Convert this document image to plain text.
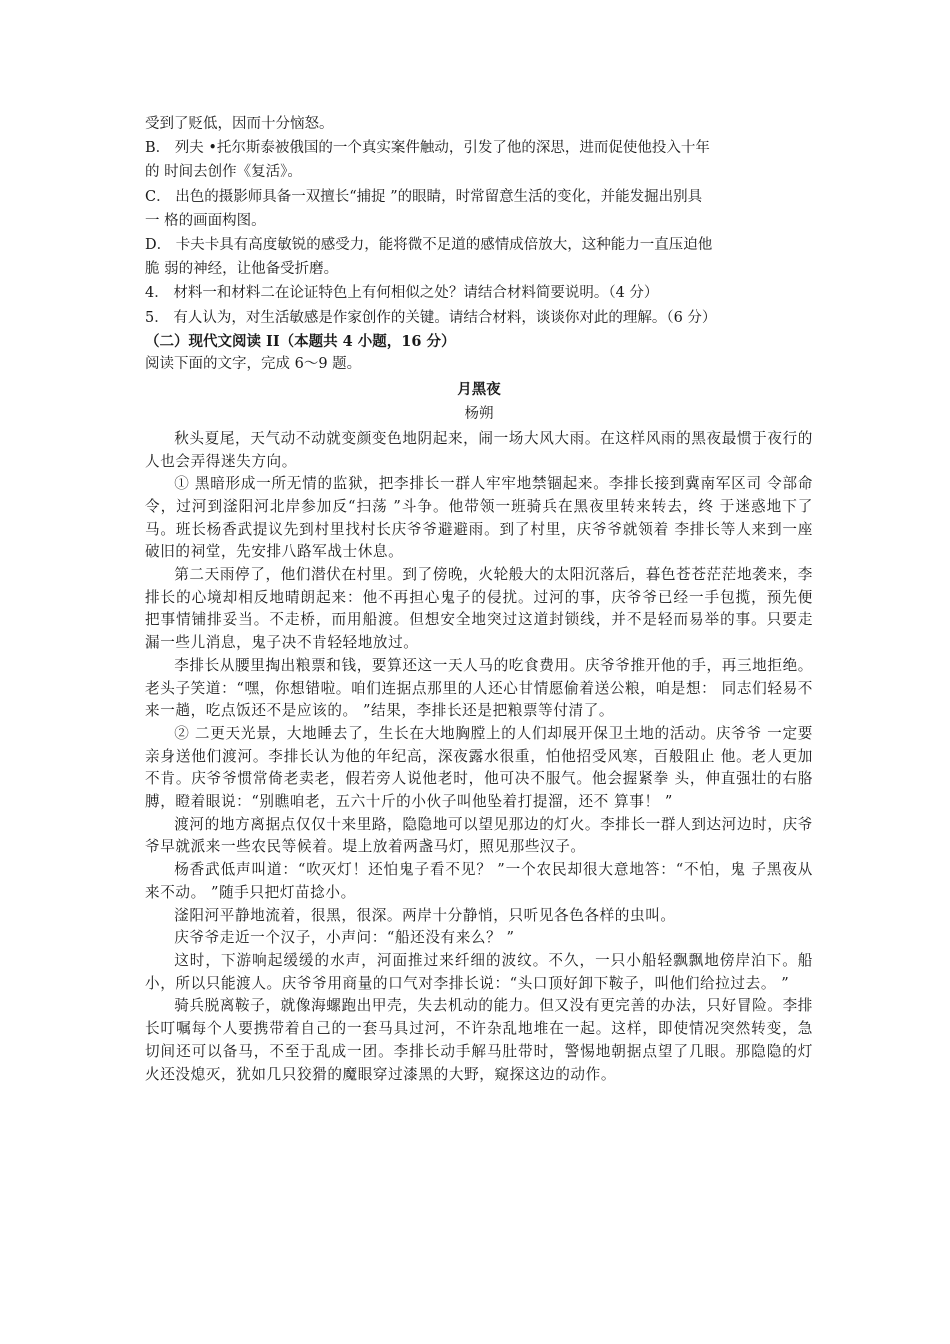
受到了贬低，因而十分恼怒。

B． 列夫 •托尔斯泰被俄国的一个真实案件触动，引发了他的深思，进而促使他投入十年

的 时间去创作《复活》。

C． 出色的摄影师具备一双擅长“捕捉 ”的眼睛，时常留意生活的变化，并能发掘出别具

一 格的画面构图。

D． 卡夫卡具有高度敏锐的感受力，能将微不足道的感情成倍放大，这种能力一直压迫他

脆 弱的神经，让他备受折磨。

4． 材料一和材料二在论证特色上有何相似之处？请结合材料简要说明。（4 分）

5． 有人认为，对生活敏感是作家创作的关键。请结合材料，谈谈你对此的理解。（6 分）

（二）现代文阅读 II（本题共 4 小题，16 分）

阅读下面的文字，完成 6～9 题。

月黑夜

杨朔

秋头夏尾，天气动不动就变颜变色地阴起来，闹一场大风大雨。在这样风雨的黑夜最惯于夜行的人也会弄得迷失方向。

① 黑暗形成一所无情的监狱，把李排长一群人牢牢地禁锢起来。李排长接到冀南军区司 令部命令，过河到滏阳河北岸参加反“扫荡 ”斗争。他带领一班骑兵在黑夜里转来转去，终 于迷惑地下了马。班长杨香武提议先到村里找村长庆爷爷避避雨。到了村里，庆爷爷就领着 李排长等人来到一座破旧的祠堂，先安排八路军战士休息。

第二天雨停了，他们潜伏在村里。到了傍晚，火轮般大的太阳沉落后，暮色苍苍茫茫地袭来，李排长的心境却相反地晴朗起来：他不再担心鬼子的侵扰。过河的事，庆爷爷已经一手包揽，预先便把事情铺排妥当。不走桥，而用船渡。但想安全地突过这道封锁线，并不是轻而易举的事。只要走漏一些儿消息，鬼子决不肯轻轻地放过。

李排长从腰里掏出粮票和钱，要算还这一天人马的吃食费用。庆爷爷推开他的手，再三地拒绝。老头子笑道：“嘿，你想错啦。咱们连据点那里的人还心甘情愿偷着送公粮，咱是想： 同志们轻易不来一趟，吃点饭还不是应该的。 ”结果，李排长还是把粮票等付清了。

② 二更天光景，大地睡去了，生长在大地胸膛上的人们却展开保卫土地的活动。庆爷爷 一定要亲身送他们渡河。李排长认为他的年纪高，深夜露水很重，怕他招受风寒，百般阻止 他。老人更加不肯。庆爷爷惯常倚老卖老，假若旁人说他老时，他可决不服气。他会握紧拳 头，伸直强壮的右胳膊，瞪着眼说：“别瞧咱老，五六十斤的小伙子叫他坠着打提溜，还不 算事！ ”

渡河的地方离据点仅仅十来里路，隐隐地可以望见那边的灯火。李排长一群人到达河边时，庆爷爷早就派来一些农民等候着。堤上放着两盏马灯，照见那些汉子。

杨香武低声叫道：“吹灭灯！还怕鬼子看不见？ ”一个农民却很大意地答：“不怕，鬼 子黑夜从来不动。 ”随手只把灯苗捻小。

滏阳河平静地流着，很黑，很深。两岸十分静悄，只听见各色各样的虫叫。

庆爷爷走近一个汉子，小声问：“船还没有来么？ ”

这时，下游响起缓缓的水声，河面推过来纤细的波纹。不久，一只小船轻飘飘地傍岸泊下。船小，所以只能渡人。庆爷爷用商量的口气对李排长说：“头口顶好卸下鞍子，叫他们给拉过去。 ”

骑兵脱离鞍子，就像海螺跑出甲壳，失去机动的能力。但又没有更完善的办法，只好冒险。李排长叮嘱每个人要携带着自己的一套马具过河，不许杂乱地堆在一起。这样，即使情况突然转变，急切间还可以备马，不至于乱成一团。李排长动手解马肚带时，警惕地朝据点望了几眼。那隐隐的灯火还没熄灭，犹如几只狡猾的魔眼穿过漆黑的大野，窥探这边的动作。
